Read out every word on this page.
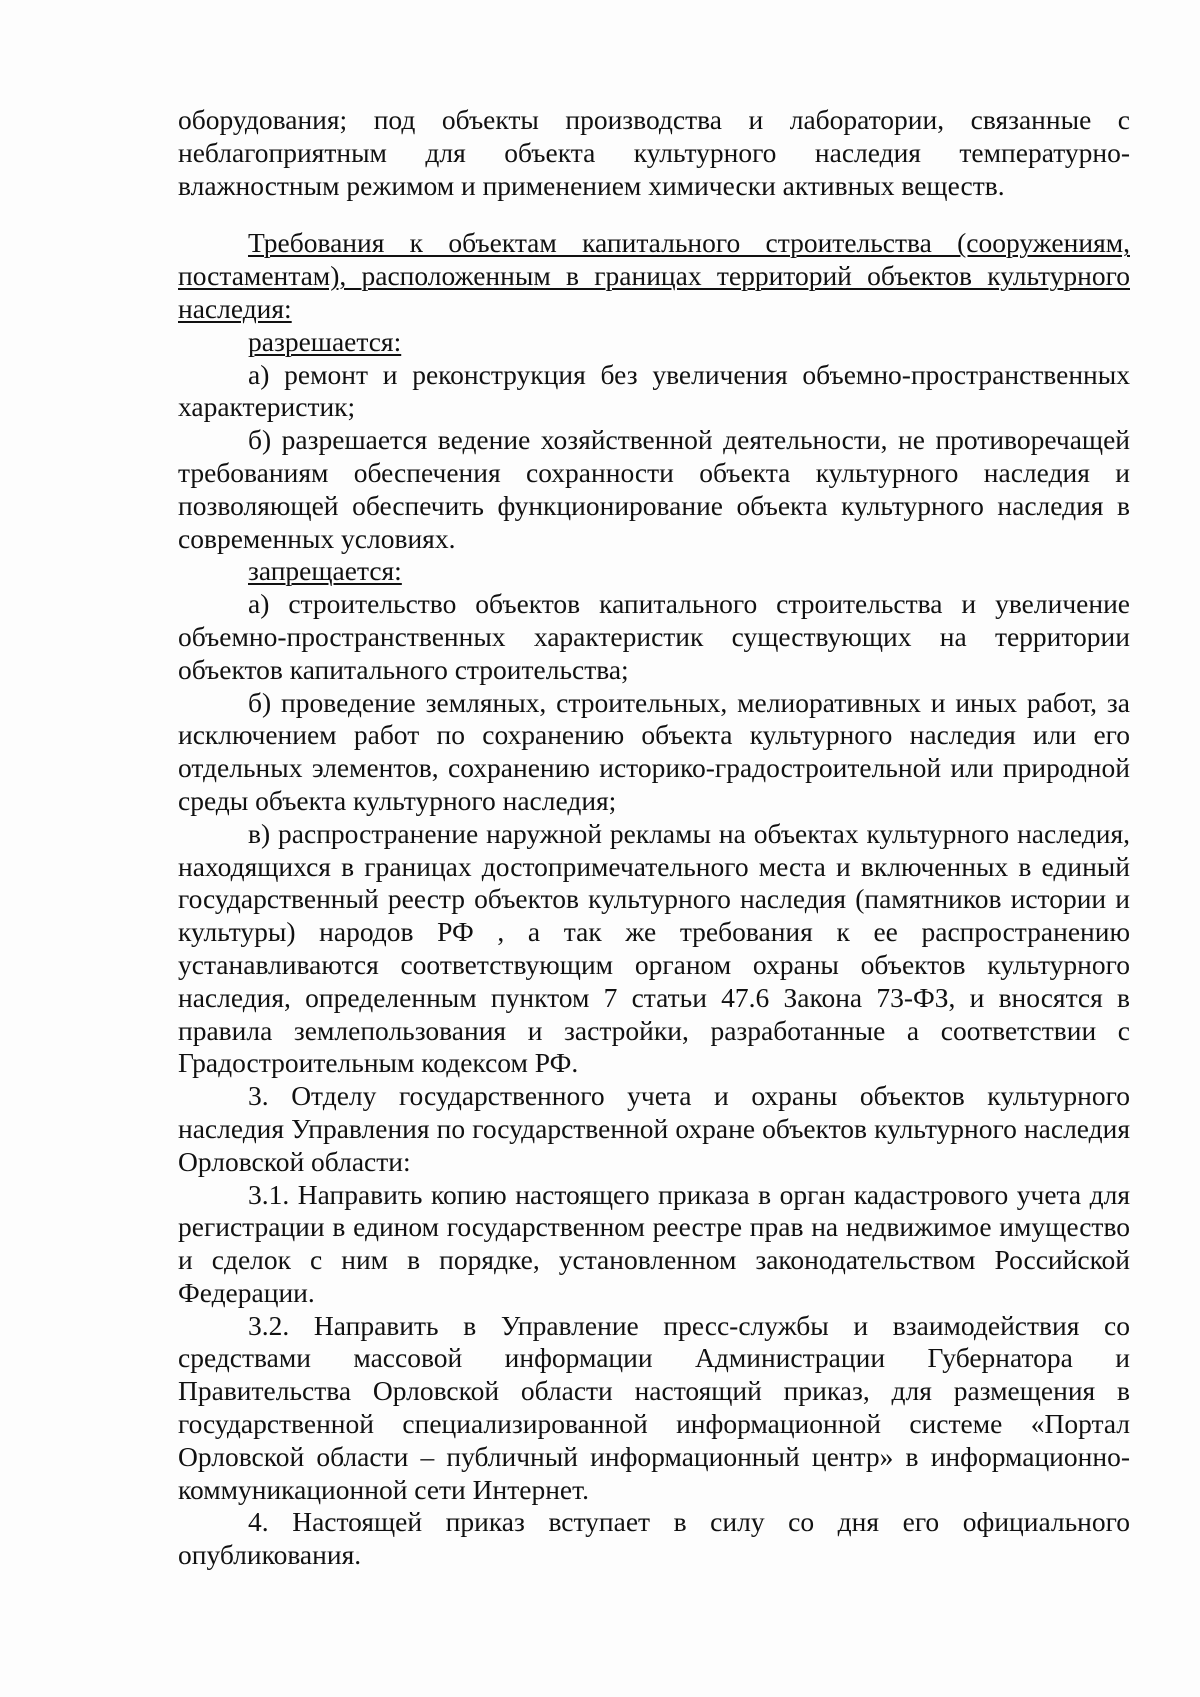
оборудования; под объекты производства и лаборатории, связанные с неблагоприятным для объекта культурного наследия температурно-влажностным режимом и применением химически активных веществ.

Требования к объектам капитального строительства (сооружениям, постаментам), расположенным в границах территорий объектов культурного наследия:

разрешается:

а) ремонт и реконструкция без увеличения объемно-пространственных характеристик;

б) разрешается ведение хозяйственной деятельности, не противоречащей требованиям обеспечения сохранности объекта культурного наследия и позволяющей обеспечить функционирование объекта культурного наследия в современных условиях.

запрещается:

а) строительство объектов капитального строительства и увеличение объемно-пространственных характеристик существующих на территории объектов капитального строительства;

б) проведение земляных, строительных, мелиоративных и иных работ, за исключением работ по сохранению объекта культурного наследия или его отдельных элементов, сохранению историко-градостроительной или природной среды объекта культурного наследия;

в) распространение наружной рекламы на объектах культурного наследия, находящихся в границах достопримечательного места и включенных в единый государственный реестр объектов культурного наследия (памятников истории и культуры) народов РФ , а так же требования к ее распространению устанавливаются соответствующим органом охраны объектов культурного наследия, определенным пунктом 7 статьи 47.6 Закона 73-ФЗ, и вносятся в правила землепользования и застройки, разработанные а соответствии с Градостроительным кодексом РФ.

3. Отделу государственного учета и охраны объектов культурного наследия Управления по государственной охране объектов культурного наследия Орловской области:

3.1. Направить копию настоящего приказа в орган кадастрового учета для регистрации в едином государственном реестре прав на недвижимое имущество и сделок с ним в порядке, установленном законодательством Российской Федерации.

3.2. Направить в Управление пресс-службы и взаимодействия со средствами массовой информации Администрации Губернатора и Правительства Орловской области настоящий приказ, для размещения в государственной специализированной информационной системе «Портал Орловской области – публичный информационный центр» в информационно-коммуникационной сети Интернет.

4. Настоящей приказ вступает в силу со дня его официального опубликования.
